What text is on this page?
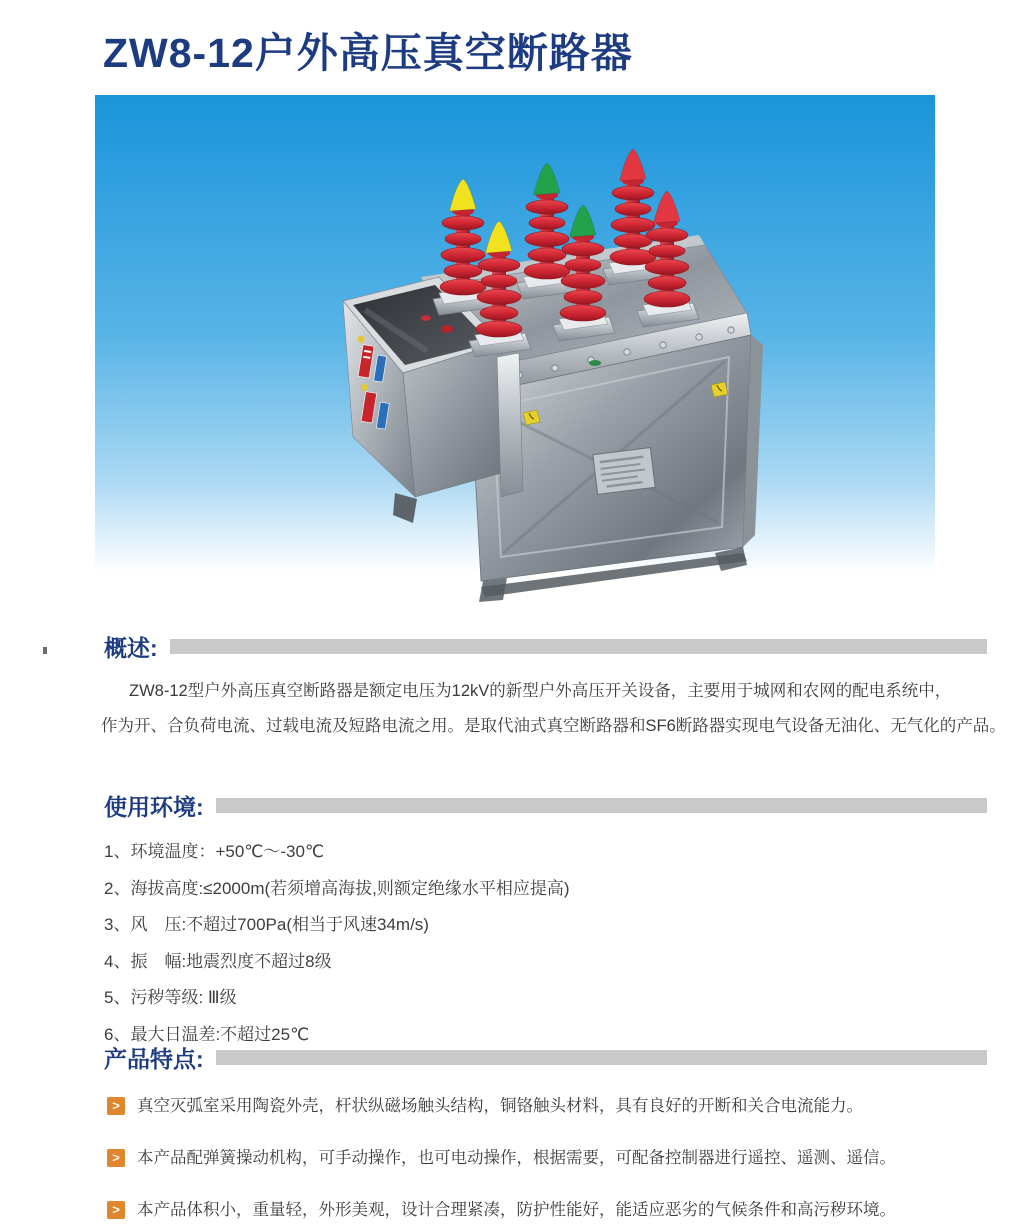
ZW8-12户外高压真空断路器
概述:

ZW8-12型户外高压真空断路器是额定电压为12kV的新型户外高压开关设备，主要用于城网和农网的配电系统中，

作为开、合负荷电流、过载电流及短路电流之用。是取代油式真空断路器和SF6断路器实现电气设备无油化、无气化的产品。

使用环境:
1、环境温度：+50℃～-30℃
2、海拔高度:≤2000m(若须增高海拔,则额定绝缘水平相应提高)
3、风　压:不超过700Pa(相当于风速34m/s)
4、振　幅:地震烈度不超过8级
5、污秽等级: Ⅲ级
6、最大日温差:不超过25℃
产品特点:
>	真空灭弧室采用陶瓷外壳，杆状纵磁场触头结构，铜铬触头材料，具有良好的开断和关合电流能力。
>	本产品配弹簧操动机构，可手动操作，也可电动操作，根据需要，可配备控制器进行遥控、遥测、遥信。
>	本产品体积小，重量轻，外形美观，设计合理紧凑，防护性能好，能适应恶劣的气候条件和高污秽环境。
